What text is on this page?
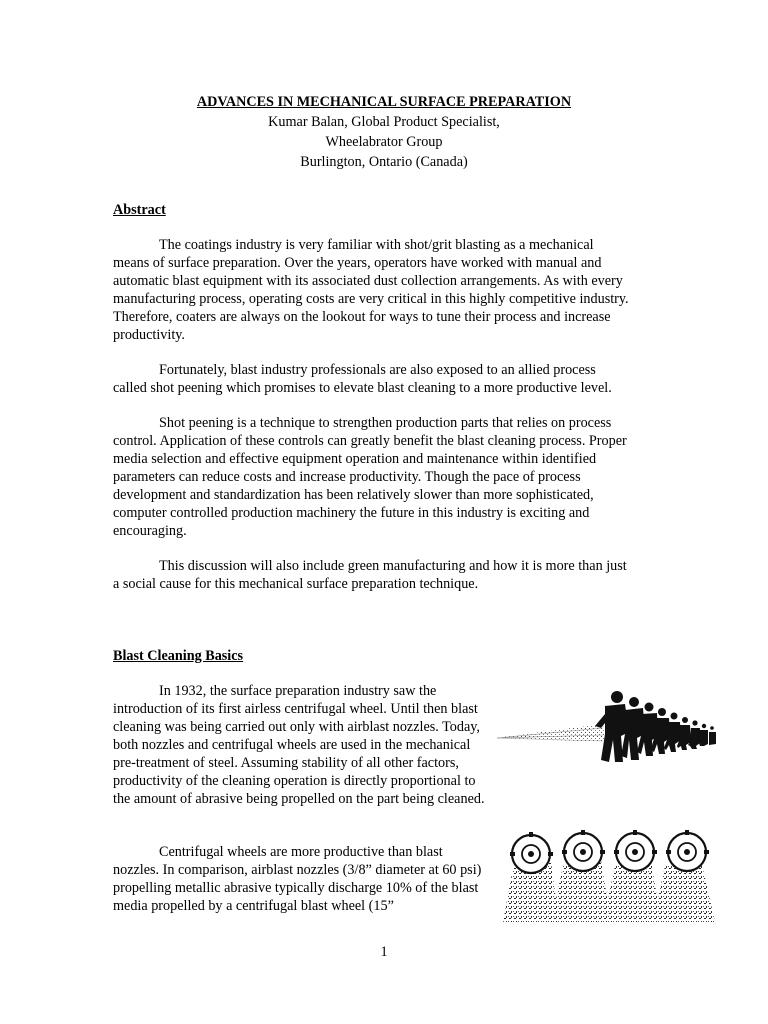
ADVANCES IN MECHANICAL SURFACE PREPARATION
Kumar Balan, Global Product Specialist,
Wheelabrator Group
Burlington, Ontario (Canada)
Abstract

The coatings industry is very familiar with shot/grit blasting as a mechanical means of surface preparation. Over the years, operators have worked with manual and automatic blast equipment with its associated dust collection arrangements. As with every manufacturing process, operating costs are very critical in this highly competitive industry. Therefore, coaters are always on the lookout for ways to tune their process and increase productivity.

Fortunately, blast industry professionals are also exposed to an allied process called shot peening which promises to elevate blast cleaning to a more productive level.

Shot peening is a technique to strengthen production parts that relies on process control. Application of these controls can greatly benefit the blast cleaning process. Proper media selection and effective equipment operation and maintenance within identified parameters can reduce costs and increase productivity. Though the pace of process development and standardization has been relatively slower than more sophisticated, computer controlled production machinery the future in this industry is exciting and encouraging.

This discussion will also include green manufacturing and how it is more than just a social cause for this mechanical surface preparation technique.

Blast Cleaning Basics

In 1932, the surface preparation industry saw the introduction of its first airless centrifugal wheel. Until then blast cleaning was being carried out only with airblast nozzles. Today, both nozzles and centrifugal wheels are used in the mechanical pre-treatment of steel. Assuming stability of all other factors, productivity of the cleaning operation is directly proportional to the amount of abrasive being propelled on the part being cleaned.

Centrifugal wheels are more productive than blast nozzles. In comparison, airblast nozzles (3/8” diameter at 60 psi) propelling metallic abrasive typically discharge 10% of the blast media propelled by a centrifugal blast wheel (15”

1
